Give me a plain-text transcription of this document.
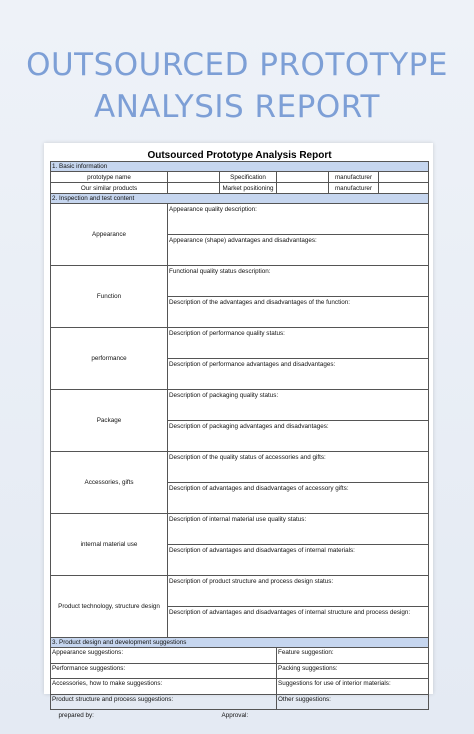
OUTSOURCED PROTOTYPE
ANALYSIS REPORT
Outsourced Prototype Analysis Report					
1. Basic information					
prototype name		Specification		manufacturer	
Our similar products		Market positioning		manufacturer	
2. Inspection and test content					
Appearance	Appearance quality description:				
	Appearance (shape) advantages and disadvantages:				
Function	Functional quality status description:				
	Description of the advantages and disadvantages of the function:				
performance	Description of performance quality status:				
	Description of performance advantages and disadvantages:				
Package	Description of packaging quality status:				
	Description of packaging advantages and disadvantages:				
Accessories, gifts	Description of the quality status of accessories and gifts:				
	Description of advantages and disadvantages of accessory gifts:				
internal material use	Description of internal material use quality status:				
	Description of advantages and disadvantages of internal materials:				
Product technology, structure design	Description of product structure and process design status:				
	Description of advantages and disadvantages of internal structure and process design:				
3. Product design and development suggestions					
Appearance suggestions:			Feature suggestion:		
Performance suggestions:			Packing suggestions:		
Accessories, how to make suggestions:			Suggestions for use of interior materials:		
Product structure and process suggestions:			Other suggestions:		
prepared by:		Approval:			
